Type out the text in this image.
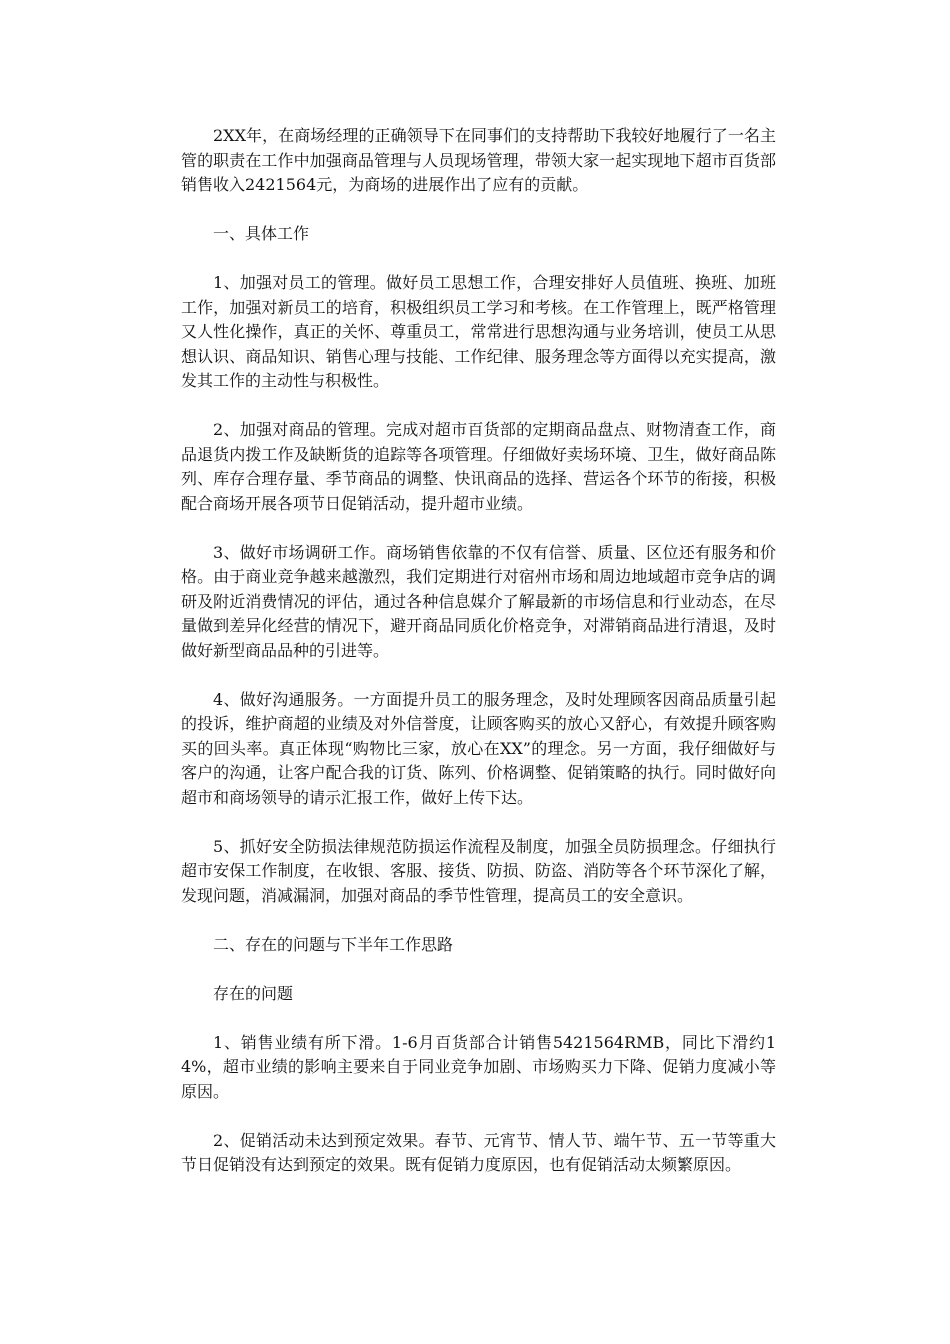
2XX年，在商场经理的正确领导下在同事们的支持帮助下我较好地履行了一名主管的职责在工作中加强商品管理与人员现场管理，带领大家一起实现地下超市百货部销售收入2421564元，为商场的进展作出了应有的贡献。

一、具体工作

1、加强对员工的管理。做好员工思想工作，合理安排好人员值班、换班、加班工作，加强对新员工的培育，积极组织员工学习和考核。在工作管理上，既严格管理又人性化操作，真正的关怀、尊重员工，常常进行思想沟通与业务培训，使员工从思想认识、商品知识、销售心理与技能、工作纪律、服务理念等方面得以充实提高，激发其工作的主动性与积极性。

2、加强对商品的管理。完成对超市百货部的定期商品盘点、财物清查工作，商品退货内拨工作及缺断货的追踪等各项管理。仔细做好卖场环境、卫生，做好商品陈列、库存合理存量、季节商品的调整、快讯商品的选择、营运各个环节的衔接，积极配合商场开展各项节日促销活动，提升超市业绩。

3、做好市场调研工作。商场销售依靠的不仅有信誉、质量、区位还有服务和价格。由于商业竞争越来越激烈，我们定期进行对宿州市场和周边地域超市竞争店的调研及附近消费情况的评估，通过各种信息媒介了解最新的市场信息和行业动态，在尽量做到差异化经营的情况下，避开商品同质化价格竞争，对滞销商品进行清退，及时做好新型商品品种的引进等。

4、做好沟通服务。一方面提升员工的服务理念，及时处理顾客因商品质量引起的投诉，维护商超的业绩及对外信誉度，让顾客购买的放心又舒心，有效提升顾客购买的回头率。真正体现“购物比三家，放心在XX”的理念。另一方面，我仔细做好与客户的沟通，让客户配合我的订货、陈列、价格调整、促销策略的执行。同时做好向超市和商场领导的请示汇报工作，做好上传下达。

5、抓好安全防损法律规范防损运作流程及制度，加强全员防损理念。仔细执行超市安保工作制度，在收银、客服、接货、防损、防盗、消防等各个环节深化了解，发现问题，消减漏洞，加强对商品的季节性管理，提高员工的安全意识。

二、存在的问题与下半年工作思路

存在的问题

1、销售业绩有所下滑。1-6月百货部合计销售5421564RMB，同比下滑约14%，超市业绩的影响主要来自于同业竞争加剧、市场购买力下降、促销力度减小等原因。

2、促销活动未达到预定效果。春节、元宵节、情人节、端午节、五一节等重大节日促销没有达到预定的效果。既有促销力度原因，也有促销活动太频繁原因。
